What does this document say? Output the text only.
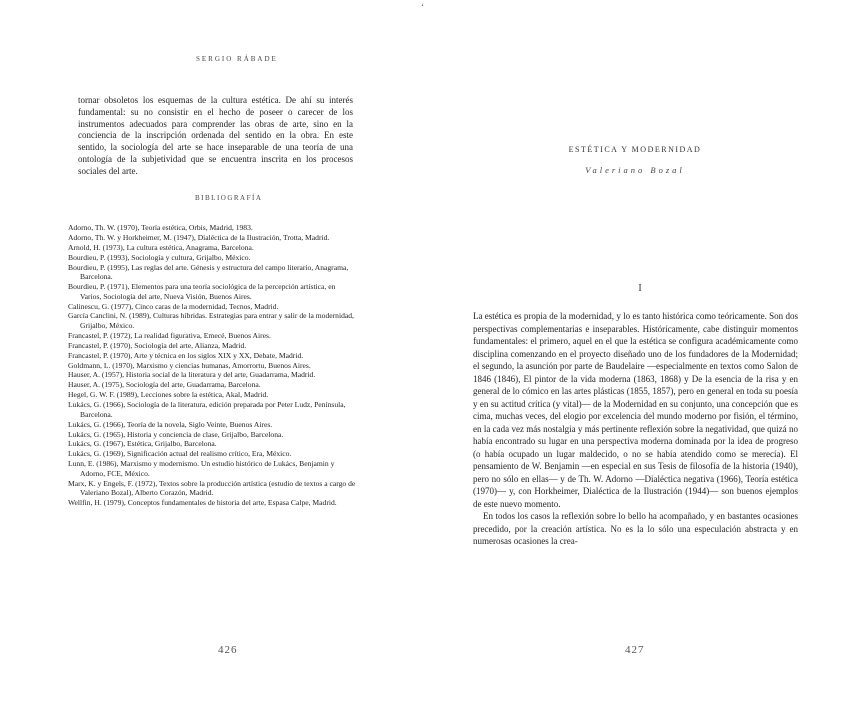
SERGIO RÁBADE
tornar obsoletos los esquemas de la cultura estética. De ahí su interés fundamental: su no consistir en el hecho de poseer o carecer de los instrumentos adecuados para comprender las obras de arte, sino en la conciencia de la inscripción ordenada del sentido en la obra. En este sentido, la sociología del arte se hace inseparable de una teoría de una ontología de la subjetividad que se encuentra inscrita en los procesos sociales del arte.
BIBLIOGRAFÍA
Adorno, Th. W. (1970), Teoría estética, Orbis, Madrid, 1983.
Adorno, Th. W. y Horkheimer, M. (1947), Dialéctica de la Ilustración, Trotta, Madrid.
Arnold, H. (1973), La cultura estética, Anagrama, Barcelona.
Bourdieu, P. (1993), Sociología y cultura, Grijalbo, México.
Bourdieu, P. (1995), Las reglas del arte. Génesis y estructura del campo literario, Anagrama, Barcelona.
Bourdieu, P. (1971), Elementos para una teoría sociológica de la percepción artística, en Varios, Sociología del arte, Nueva Visión, Buenos Aires.
Calinescu, G. (1977), Cinco caras de la modernidad, Tecnos, Madrid.
García Canclini, N. (1989), Culturas híbridas. Estrategias para entrar y salir de la modernidad, Grijalbo, México.
Francastel, P. (1972), La realidad figurativa, Emecé, Buenos Aires.
Francastel, P. (1970), Sociología del arte, Alianza, Madrid.
Francastel, P. (1970), Arte y técnica en los siglos XIX y XX, Debate, Madrid.
Goldmann, L. (1970), Marxismo y ciencias humanas, Amorrortu, Buenos Aires.
Hauser, A. (1957), Historia social de la literatura y del arte, Guadarrama, Madrid.
Hauser, A. (1975), Sociología del arte, Guadarrama, Barcelona.
Hegel, G. W. F. (1989), Lecciones sobre la estética, Akal, Madrid.
Lukács, G. (1966), Sociología de la literatura, edición preparada por Peter Ludz, Península, Barcelona.
Lukács, G. (1966), Teoría de la novela, Siglo Veinte, Buenos Aires.
Lukács, G. (1965), Historia y conciencia de clase, Grijalbo, Barcelona.
Lukács, G. (1967), Estética, Grijalbo, Barcelona.
Lukács, G. (1969), Significación actual del realismo crítico, Era, México.
Lunn, E. (1986), Marxismo y modernismo. Un estudio histórico de Lukács, Benjamin y Adorno, FCE, México.
Marx, K. y Engels, F. (1972), Textos sobre la producción artística (estudio de textos a cargo de Valeriano Bozal), Alberto Corazón, Madrid.
Wellfin, H. (1979), Conceptos fundamentales de historia del arte, Espasa Calpe, Madrid.
426
ʻ
ESTÉTICA Y MODERNIDAD
Valeriano Bozal
I

La estética es propia de la modernidad, y lo es tanto histórica como teóricamente. Son dos perspectivas complementarias e inseparables. Históricamente, cabe distinguir momentos fundamentales: el primero, aquel en el que la estética se configura académicamente como disciplina comenzando en el proyecto diseñado uno de los fundadores de la Modernidad; el segundo, la asunción por parte de Baudelaire —especialmente en textos como Salon de 1846 (1846), El pintor de la vida moderna (1863, 1868) y De la esencia de la risa y en general de lo cómico en las artes plásticas (1855, 1857), pero en general en toda su poesía y en su actitud crítica (y vital)— de la Modernidad en su conjunto, una concepción que es cima, muchas veces, del elogio por excelencia del mundo moderno por fisión, el término, en la cada vez más nostalgia y más pertinente reflexión sobre la negatividad, que quizá no había encontrado su lugar en una perspectiva moderna dominada por la idea de progreso (o había ocupado un lugar maldecido, o no se había atendido como se merecía). El pensamiento de W. Benjamin —en especial en sus Tesis de filosofía de la historia (1940), pero no sólo en ellas— y de Th. W. Adorno —Dialéctica negativa (1966), Teoría estética (1970)— y, con Horkheimer, Dialéctica de la Ilustración (1944)— son buenos ejemplos de este nuevo momento.

En todos los casos la reflexión sobre lo bello ha acompañado, y en bastantes ocasiones precedido, por la creación artística. No es la lo sólo una especulación abstracta y en numerosas ocasiones la crea-

427
